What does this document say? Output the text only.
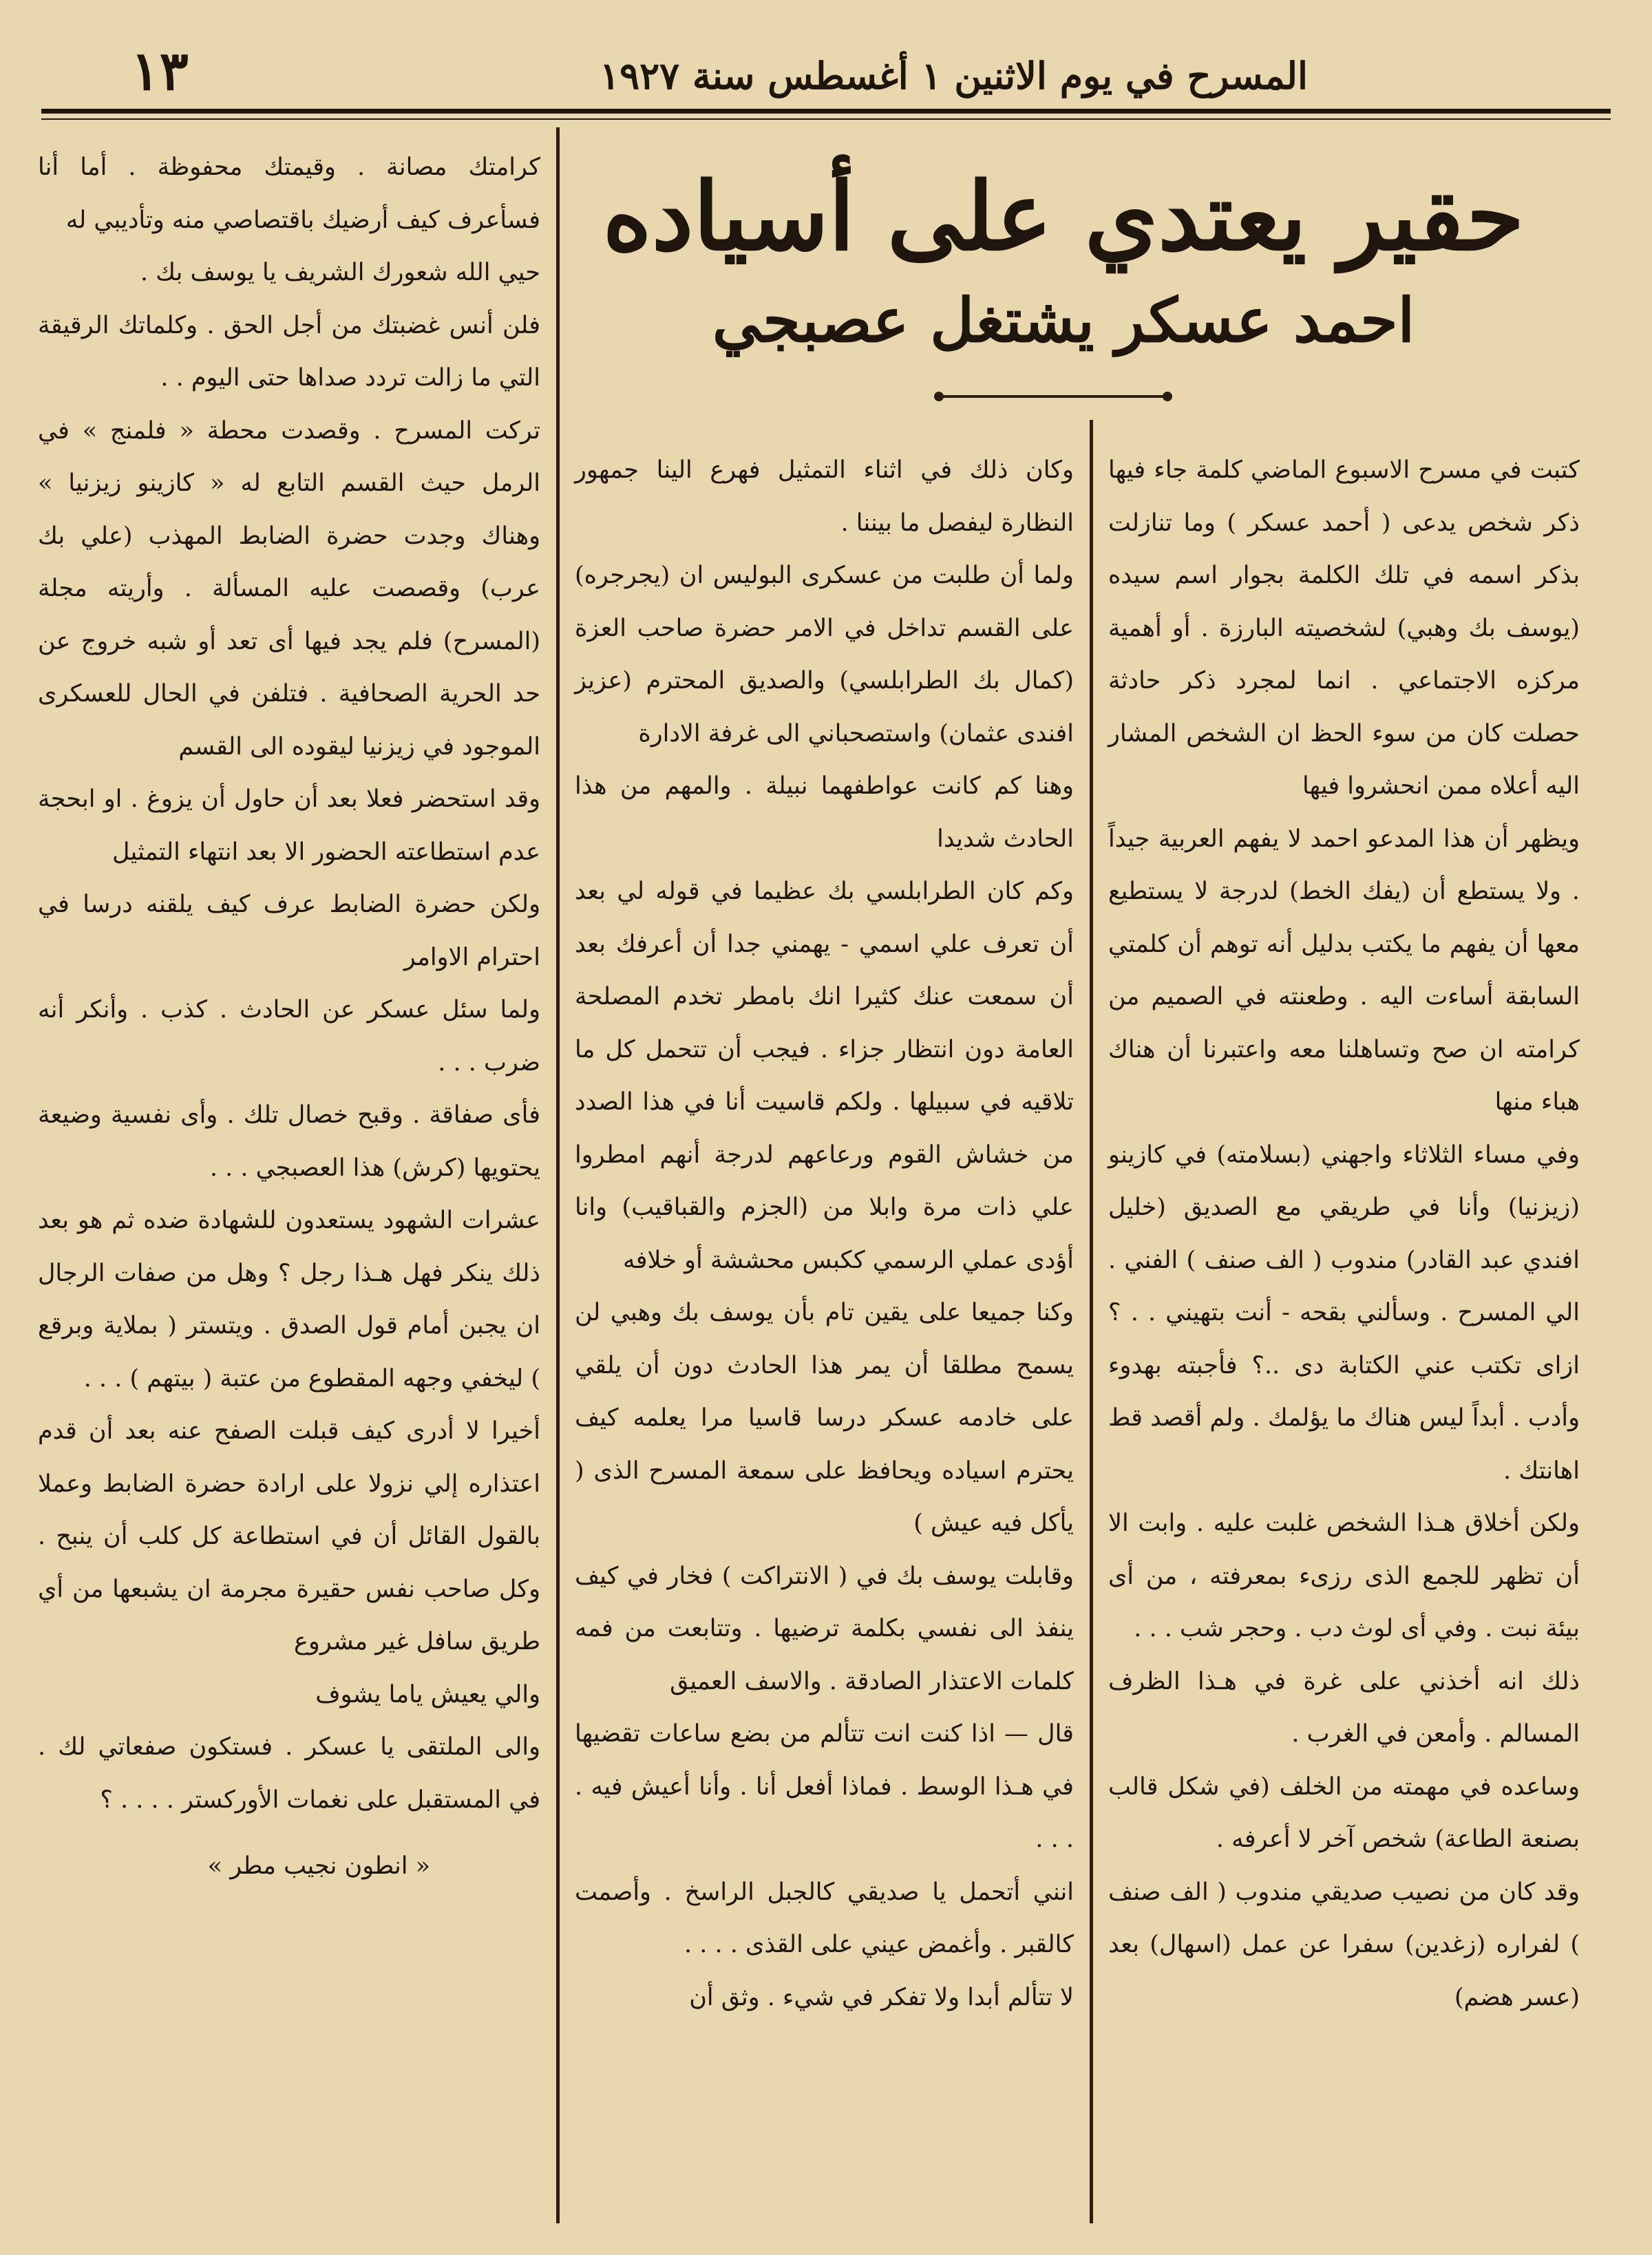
المسرح في يوم الاثنين ١ أغسطس سنة ١٩٢٧
١٣
حقير يعتدي على أسياده
احمد عسكر يشتغل عصبجي

كتبت في مسرح الاسبوع الماضي كلمة جاء فيها ذكر شخص يدعى ( أحمد عسكر ) وما تنازلت بذكر اسمه في تلك الكلمة بجوار اسم سيده (يوسف بك وهبي) لشخصيته البارزة . أو أهمية مركزه الاجتماعي . انما لمجرد ذكر حادثة حصلت كان من سوء الحظ ان الشخص المشار اليه أعلاه ممن انحشروا فيها

ويظهر أن هذا المدعو احمد لا يفهم العربية جيداً . ولا يستطع أن (يفك الخط) لدرجة لا يستطيع معها أن يفهم ما يكتب بدليل أنه توهم أن كلمتي السابقة أساءت اليه . وطعنته في الصميم من كرامته ان صح وتساهلنا معه واعتبرنا أن هناك هباء منها

وفي مساء الثلاثاء واجهني (بسلامته) في كازينو (زيزنيا) وأنا في طريقي مع الصديق (خليل افندي عبد القادر) مندوب ( الف صنف ) الفني . الي المسرح . وسألني بقحه - أنت بتهيني . . ؟ ازاى تكتب عني الكتابة دى ..؟ فأجبته بهدوء وأدب . أبداً ليس هناك ما يؤلمك . ولم أقصد قط اهانتك .

ولكن أخلاق هـذا الشخص غلبت عليه . وابت الا أن تظهر للجمع الذى رزىء بمعرفته ، من أى بيئة نبت . وفي أى لوث دب . وحجر شب . . .

ذلك انه أخذني على غرة في هـذا الظرف المسالم . وأمعن في الغرب .

وساعده في مهمته من الخلف (في شكل قالب بصنعة الطاعة) شخص آخر لا أعرفه .

وقد كان من نصيب صديقي مندوب ( الف صنف ) لفراره (زغدين) سفرا عن عمل (اسهال) بعد (عسر هضم)

وكان ذلك في اثناء التمثيل فهرع الينا جمهور النظارة ليفصل ما بيننا .

ولما أن طلبت من عسكرى البوليس ان (يجرجره) على القسم تداخل في الامر حضرة صاحب العزة (كمال بك الطرابلسي) والصديق المحترم (عزيز افندى عثمان) واستصحباني الى غرفة الادارة

وهنا كم كانت عواطفهما نبيلة . والمهم من هذا الحادث شديدا

وكم كان الطرابلسي بك عظيما في قوله لي بعد أن تعرف علي اسمي - يهمني جدا أن أعرفك بعد أن سمعت عنك كثيرا انك بامطر تخدم المصلحة العامة دون انتظار جزاء . فيجب أن تتحمل كل ما تلاقيه في سبيلها . ولكم قاسيت أنا في هذا الصدد من خشاش القوم ورعاعهم لدرجة أنهم امطروا علي ذات مرة وابلا من (الجزم والقباقيب) وانا أؤدى عملي الرسمي ككبس محششة أو خلافه

وكنا جميعا على يقين تام بأن يوسف بك وهبي لن يسمح مطلقا أن يمر هذا الحادث دون أن يلقي على خادمه عسكر درسا قاسيا مرا يعلمه كيف يحترم اسياده ويحافظ على سمعة المسرح الذى ( يأكل فيه عيش )

وقابلت يوسف بك في ( الانتراكت ) فخار في كيف ينفذ الى نفسي بكلمة ترضيها . وتتابعت من فمه كلمات الاعتذار الصادقة . والاسف العميق

قال — اذا كنت انت تتألم من بضع ساعات تقضيها في هـذا الوسط . فماذا أفعل أنا . وأنا أعيش فيه . . . .

انني أتحمل يا صديقي كالجبل الراسخ . وأصمت كالقبر . وأغمض عيني على القذى . . . .

لا تتألم أبدا ولا تفكر في شيء . وثق أن

كرامتك مصانة . وقيمتك محفوظة . أما أنا فسأعرف كيف أرضيك باقتصاصي منه وتأديبي له

حيي الله شعورك الشريف يا يوسف بك .

فلن أنس غضبتك من أجل الحق . وكلماتك الرقيقة التي ما زالت تردد صداها حتى اليوم . .

تركت المسرح . وقصدت محطة « فلمنج » في الرمل حيث القسم التابع له « كازينو زيزنيا » وهناك وجدت حضرة الضابط المهذب (علي بك عرب) وقصصت عليه المسألة . وأريته مجلة (المسرح) فلم يجد فيها أى تعد أو شبه خروج عن حد الحرية الصحافية . فتلفن في الحال للعسكرى الموجود في زيزنيا ليقوده الى القسم

وقد استحضر فعلا بعد أن حاول أن يزوغ . او ابحجة عدم استطاعته الحضور الا بعد انتهاء التمثيل

ولكن حضرة الضابط عرف كيف يلقنه درسا في احترام الاوامر

ولما سئل عسكر عن الحادث . كذب . وأنكر أنه ضرب . . .

فأى صفاقة . وقبح خصال تلك . وأى نفسية وضيعة يحتويها (كرش) هذا العصبجي . . .

عشرات الشهود يستعدون للشهادة ضده ثم هو بعد ذلك ينكر فهل هـذا رجل ؟ وهل من صفات الرجال ان يجبن أمام قول الصدق . ويتستر ( بملاية وبرقع ) ليخفي وجهه المقطوع من عتبة ( بيتهم ) . . .

أخيرا لا أدرى كيف قبلت الصفح عنه بعد أن قدم اعتذاره إلي نزولا على ارادة حضرة الضابط وعملا بالقول القائل أن في استطاعة كل كلب أن ينبح . وكل صاحب نفس حقيرة مجرمة ان يشبعها من أي طريق سافل غير مشروع

والي يعيش ياما يشوف

والى الملتقى يا عسكر . فستكون صفعاتي لك . في المستقبل على نغمات الأوركستر . . . . ؟

« انطون نجيب مطر »
